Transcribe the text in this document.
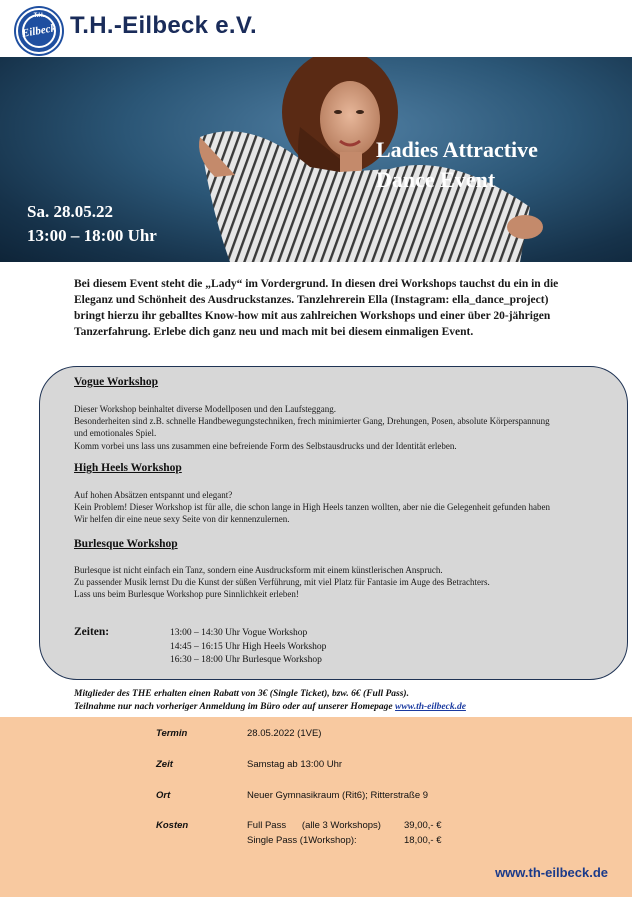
T.H.
Eilbeck T.H.-Eilbeck e.V.
Ladies Attractive
Dance Event
Sa. 28.05.22
13:00 – 18:00 Uhr
Bei diesem Event steht die „Lady“ im Vordergrund. In diesen drei Workshops tauchst du ein in die Eleganz und Schönheit des Ausdruckstanzes. Tanzlehrerein Ella (Instagram: ella_dance_project) bringt hierzu ihr geballtes Know-how mit aus zahlreichen Workshops und einer über 20-jährigen Tanzerfahrung. Erlebe dich ganz neu und mach mit bei diesem einmaligen Event.
Vogue Workshop
Dieser Workshop beinhaltet diverse Modellposen und den Laufsteggang.
Besonderheiten sind z.B. schnelle Handbewegungstechniken, frech minimierter Gang, Drehungen, Posen, absolute Körperspannung und emotionales Spiel.
Komm vorbei uns lass uns zusammen eine befreiende Form des Selbstausdrucks und der Identität erleben.
High Heels Workshop
Auf hohen Absätzen entspannt und elegant?
Kein Problem! Dieser Workshop ist für alle, die schon lange in High Heels tanzen wollten, aber nie die Gelegenheit gefunden haben Wir helfen dir eine neue sexy Seite von dir kennenzulernen.
Burlesque Workshop
Burlesque ist nicht einfach ein Tanz, sondern eine Ausdrucksform mit einem künstlerischen Anspruch.
Zu passender Musik lernst Du die Kunst der süßen Verführung, mit viel Platz für Fantasie im Auge des Betrachters.
Lass uns beim Burlesque Workshop pure Sinnlichkeit erleben!
Zeiten:	13:00 – 14:30 Uhr Vogue Workshop
14:45 – 16:15 Uhr High Heels Workshop
16:30 – 18:00 Uhr Burlesque Workshop
Mitglieder des THE erhalten einen Rabatt von 3€ (Single Ticket), bzw. 6€ (Full Pass).
Teilnahme nur nach vorheriger Anmeldung im Büro oder auf unserer Homepage www.th-eilbeck.de
Termin	28.05.2022 (1VE)
Zeit	Samstag ab 13:00 Uhr
Ort	Neuer Gymnasikraum (Rit6); Ritterstraße 9
Kosten	Full Pass      (alle 3 Workshops) 39,00,- €
Single Pass (1Workshop):	18,00,- €
www.th-eilbeck.de
